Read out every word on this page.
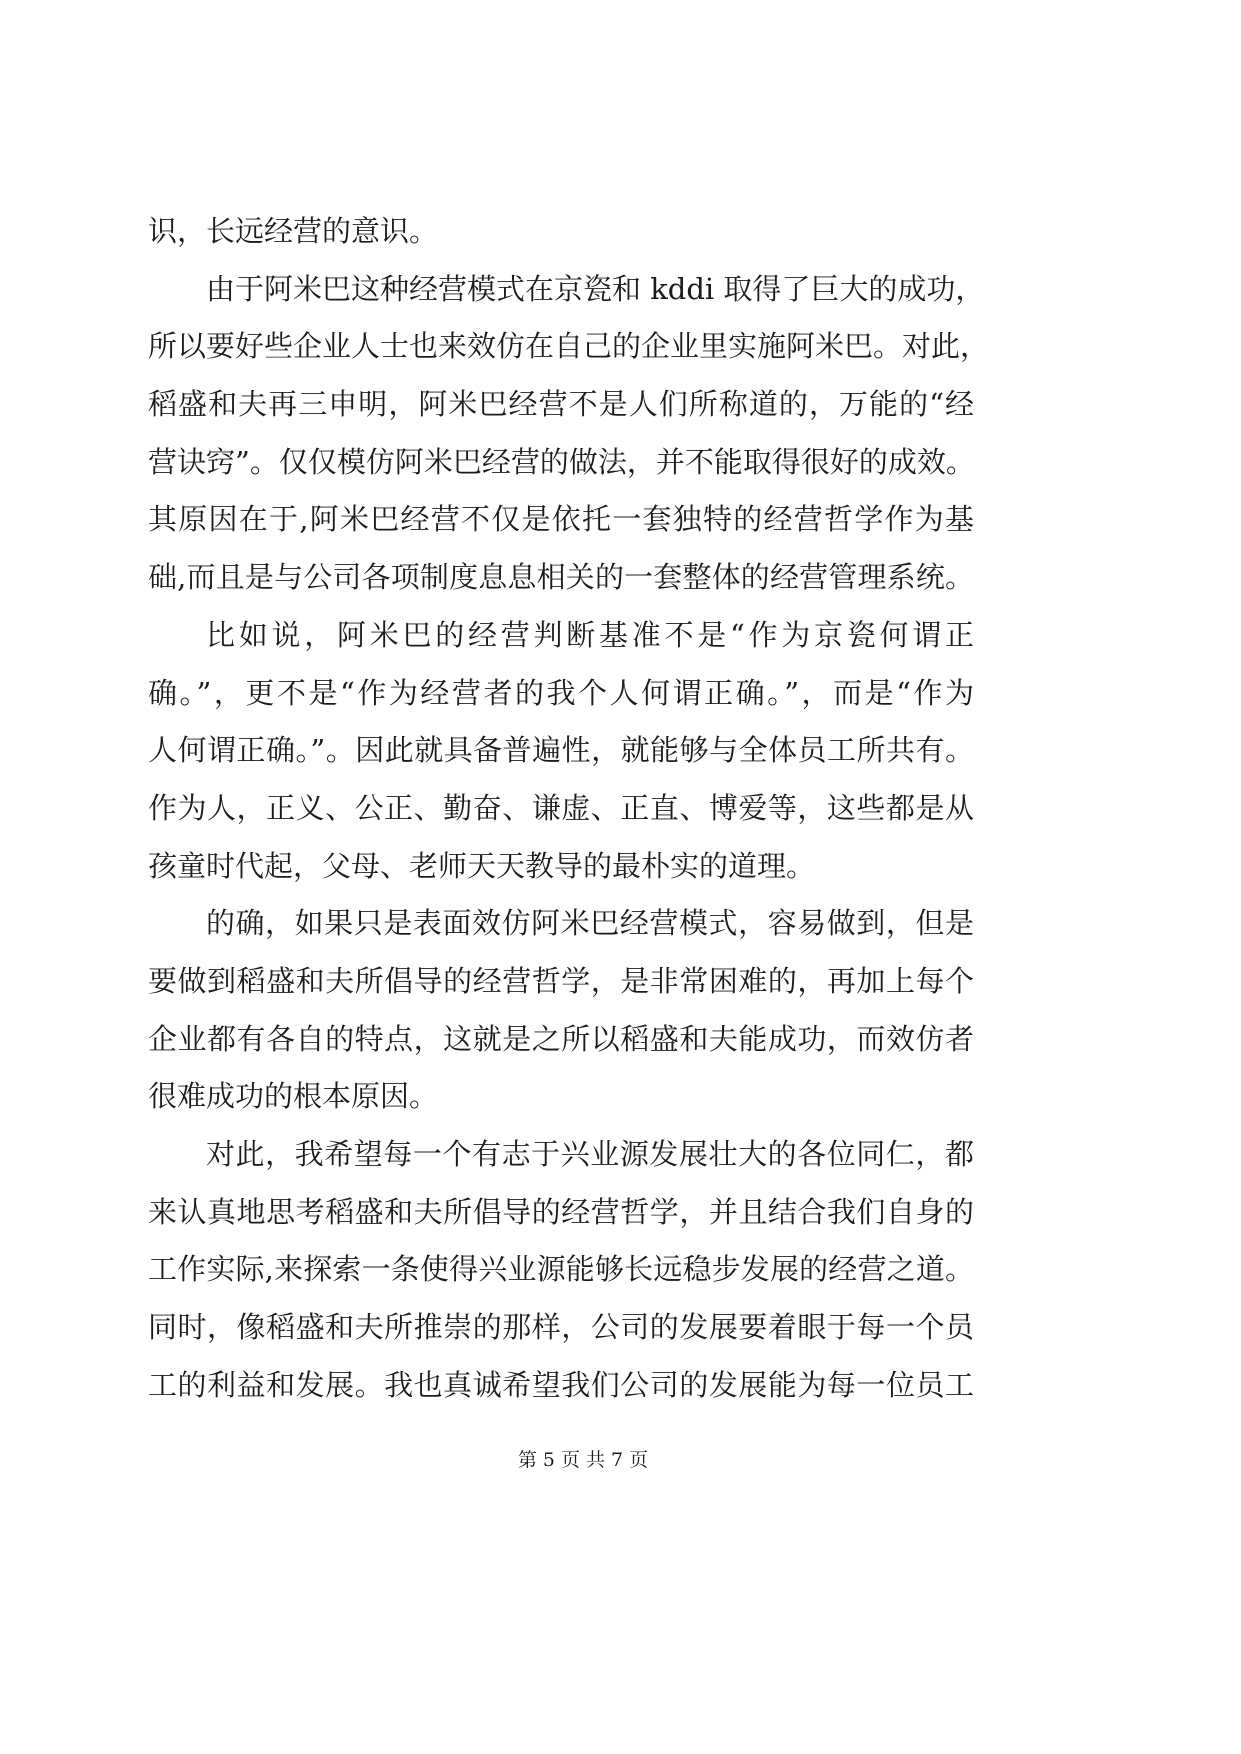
识，长远经营的意识。
由于阿米巴这种经营模式在京瓷和 kddi 取得了巨大的成功，
所以要好些企业人士也来效仿在自己的企业里实施阿米巴。对此，
稻盛和夫再三申明，阿米巴经营不是人们所称道的，万能的“经
营诀窍”。仅仅模仿阿米巴经营的做法，并不能取得很好的成效。
其原因在于,阿米巴经营不仅是依托一套独特的经营哲学作为基
础,而且是与公司各项制度息息相关的一套整体的经营管理系统。
比如说，阿米巴的经营判断基准不是“作为京瓷何谓正
确。”，更不是“作为经营者的我个人何谓正确。”，而是“作为
人何谓正确。”。因此就具备普遍性，就能够与全体员工所共有。
作为人，正义、公正、勤奋、谦虚、正直、博爱等，这些都是从
孩童时代起，父母、老师天天教导的最朴实的道理。
的确，如果只是表面效仿阿米巴经营模式，容易做到，但是
要做到稻盛和夫所倡导的经营哲学，是非常困难的，再加上每个
企业都有各自的特点，这就是之所以稻盛和夫能成功，而效仿者
很难成功的根本原因。
对此，我希望每一个有志于兴业源发展壮大的各位同仁，都
来认真地思考稻盛和夫所倡导的经营哲学，并且结合我们自身的
工作实际,来探索一条使得兴业源能够长远稳步发展的经营之道。
同时，像稻盛和夫所推崇的那样，公司的发展要着眼于每一个员
工的利益和发展。我也真诚希望我们公司的发展能为每一位员工
第 5 页 共 7 页
